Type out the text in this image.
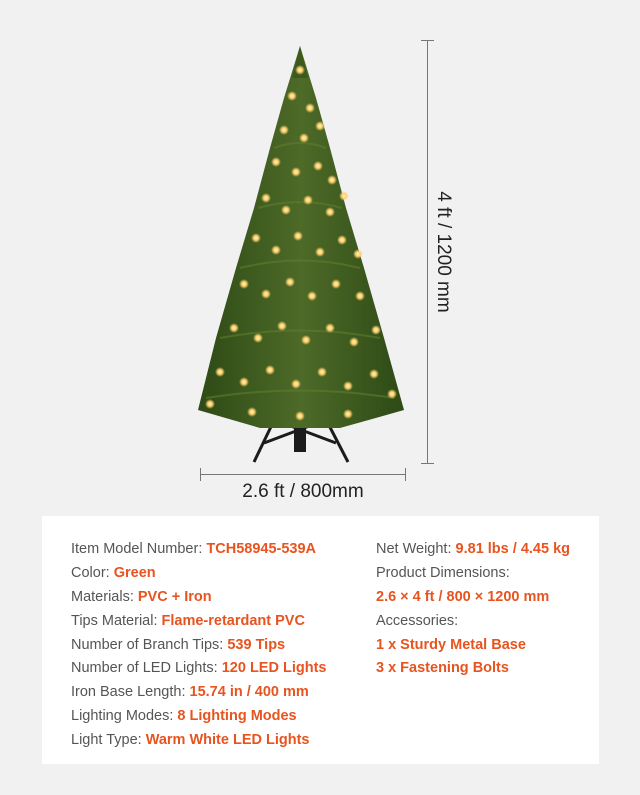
4 ft / 1200 mm
2.6 ft / 800mm
Item Model Number: TCH58945-539A
Color: Green
Materials: PVC + Iron
Tips Material: Flame-retardant PVC
Number of Branch Tips: 539 Tips
Number of LED Lights: 120 LED Lights
Iron Base Length: 15.74 in / 400 mm
Lighting Modes: 8 Lighting Modes
Light Type: Warm White LED Lights
Net Weight: 9.81 lbs / 4.45 kg
Product Dimensions:
2.6 × 4 ft / 800 × 1200 mm
Accessories:
1 x Sturdy Metal Base
3 x Fastening Bolts
